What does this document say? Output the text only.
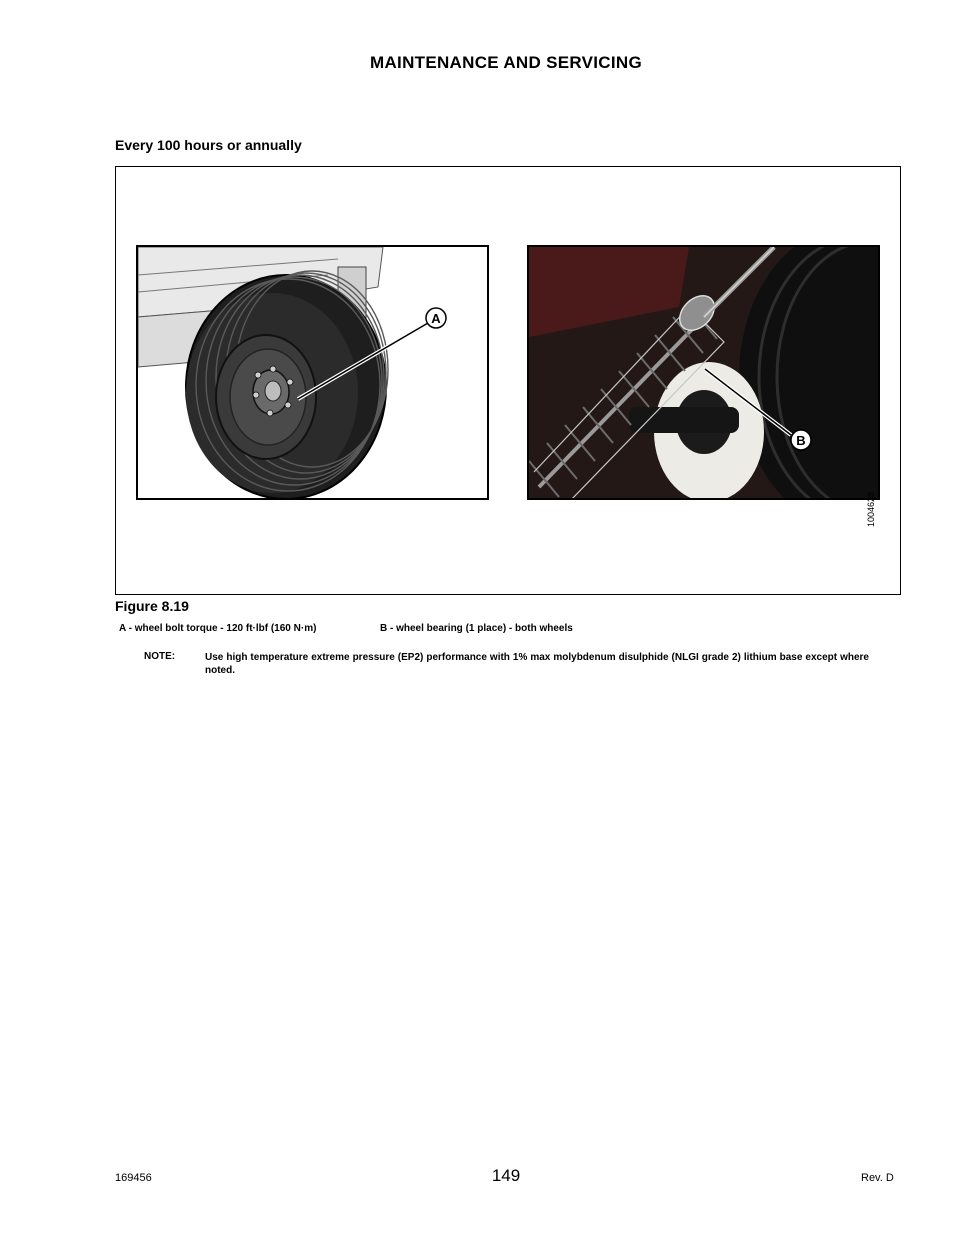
MAINTENANCE AND SERVICING
Every 100 hours or annually
A
B
1004628
Figure 8.19
A - wheel bolt torque - 120 ft·lbf (160 N·m)	B - wheel bearing (1 place) - both wheels
NOTE:	Use high temperature extreme pressure (EP2) performance with 1% max molybdenum disulphide (NLGI grade 2) lithium base except where noted.
169456	149	Rev. D
